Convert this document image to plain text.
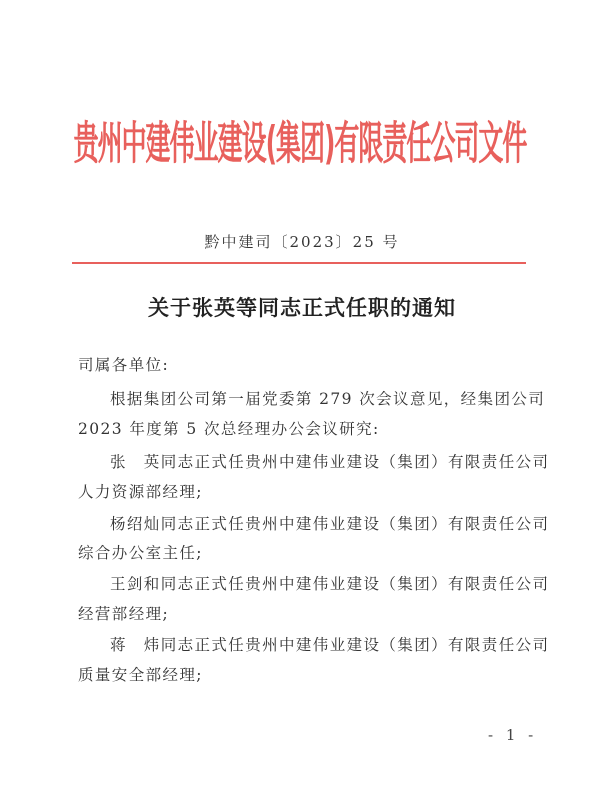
贵州中建伟业建设(集团)有限责任公司文件
黔中建司〔2023〕25 号
关于张英等同志正式任职的通知
司属各单位:
根据集团公司第一届党委第 279 次会议意见，经集团公司
2023 年度第 5 次总经理办公会议研究:
张　英同志正式任贵州中建伟业建设（集团）有限责任公司
人力资源部经理;
杨绍灿同志正式任贵州中建伟业建设（集团）有限责任公司
综合办公室主任;
王剑和同志正式任贵州中建伟业建设（集团）有限责任公司
经营部经理;
蒋　炜同志正式任贵州中建伟业建设（集团）有限责任公司
质量安全部经理;
- 1 -
